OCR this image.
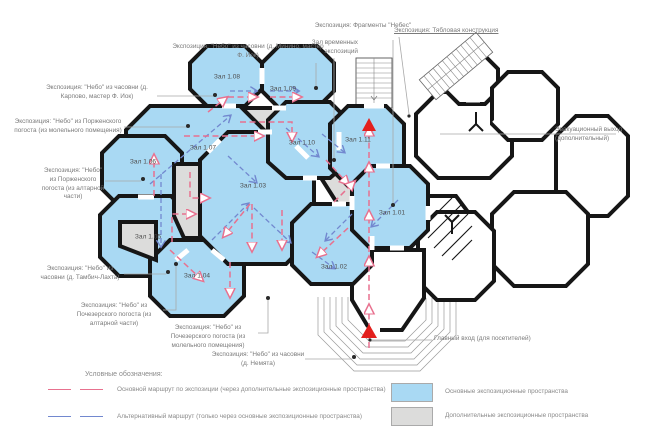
Зал 1.01
Зал 1.02
Зал 1.03
Зал 1.04
Зал 1.05
Зал 1.06
Зал 1.07
Зал 1.08
Зал 1.09
Зал 1.10	Зал 1.11
Экспозиция: Фрагменты "Небес"
Экспозиция: "Небо" из часовни (д. Минино, мастер Ф. Иок)
Зал временных экспозиций
Экспозиция: Тябловая конструкция
Экспозиция: "Небо" из часовни (д. Карпово, мастер Ф. Иок)
Экспозиция: "Небо" из Порженского погоста (из молельного помещения)
Экспозиция: "Небо" из Порженского погоста (из алтарной части)
Экспозиция: "Небо" из часовни (д. Тамбич-Лахта)
Экспозиция: "Небо" из Почезерского погоста (из алтарной части)
Экспозиция: "Небо" из Почезерского погоста (из молельного помещения)
Экспозиция: "Небо" из часовни (д. Немята)
Эвакуационный выход (дополнительный)
Главный вход (для посетителей)
Условные обозначения:
Основной маршрут по экспозиции (через дополнительные экспозиционные пространства)
Альтернативный маршрут (только через основные экспозиционные пространства)
Основные экспозиционные пространства
Дополнительные экспозиционные пространства
